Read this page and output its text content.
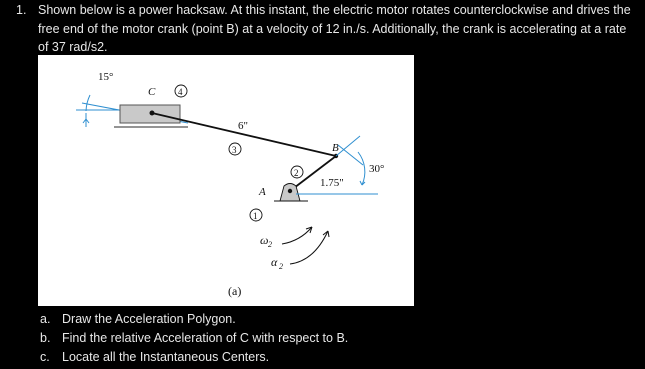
1. Shown below is a power hacksaw. At this instant, the electric motor rotates counterclockwise and drives the free end of the motor crank (point B) at a velocity of 12 in./s. Additionally, the crank is accelerating at a rate of 37 rad/s2.
15°
C	4
6"
3	B
2
A
1
1.75"
30°
ω 2
α 2
(a)
a. Draw the Acceleration Polygon.
b. Find the relative Acceleration of C with respect to B.
c. Locate all the Instantaneous Centers.
